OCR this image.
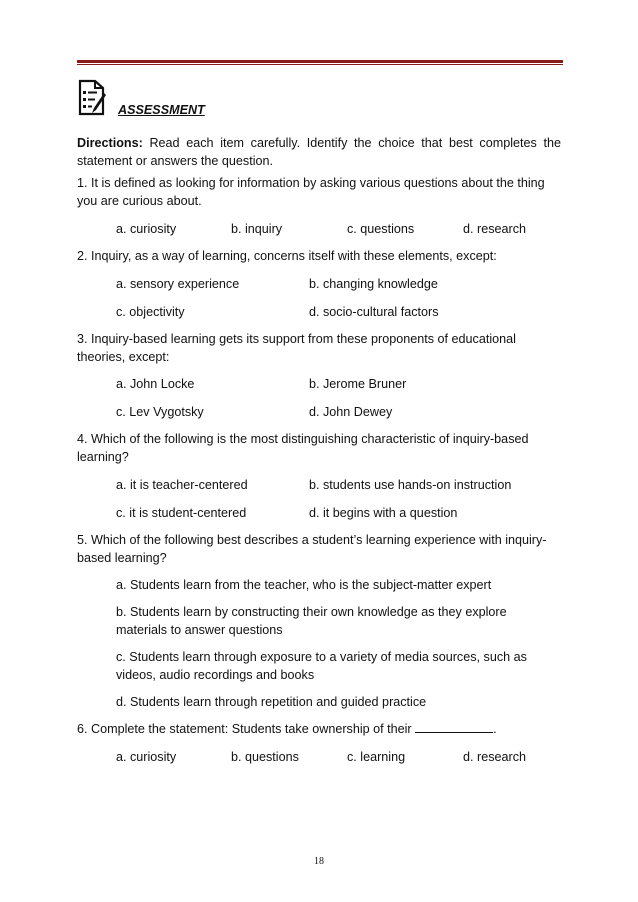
ASSESSMENT
Directions: Read each item carefully. Identify the choice that best completes the statement or answers the question.
1. It is defined as looking for information by asking various questions about the thing you are curious about.
a. curiosity	b. inquiry	c. questions	d. research
2. Inquiry, as a way of learning, concerns itself with these elements, except:
a. sensory experience	b. changing knowledge
c. objectivity	d. socio-cultural factors
3. Inquiry-based learning gets its support from these proponents of educational theories, except:
a. John Locke	b. Jerome Bruner
c. Lev Vygotsky	d. John Dewey
4. Which of the following is the most distinguishing characteristic of inquiry-based learning?
a. it is teacher-centered	b. students use hands-on instruction
c. it is student-centered	d. it begins with a question
5. Which of the following best describes a student’s learning experience with inquiry-based learning?
a. Students learn from the teacher, who is the subject-matter expert
b. Students learn by constructing their own knowledge as they explore materials to answer questions
c. Students learn through exposure to a variety of media sources, such as videos, audio recordings and books
d. Students learn through repetition and guided practice
6. Complete the statement: Students take ownership of their	.
a. curiosity	b. questions	c. learning	d. research
18
